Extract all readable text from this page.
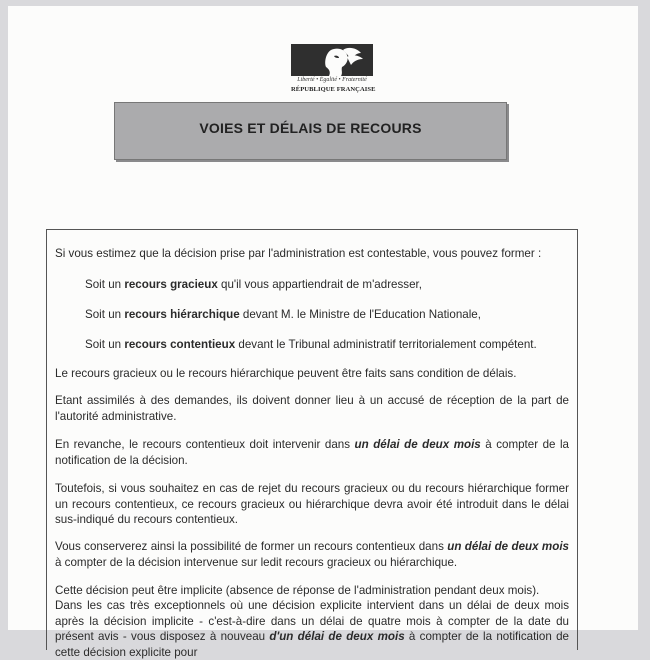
Liberté • Égalité • Fraternité
RÉPUBLIQUE FRANÇAISE
VOIES ET DÉLAIS DE RECOURS
Si vous estimez que la décision prise par l'administration est contestable, vous pouvez former :
Soit un recours gracieux qu'il vous appartiendrait de m'adresser,
Soit un recours hiérarchique devant M. le Ministre de l'Education Nationale,
Soit un recours contentieux devant le Tribunal administratif territorialement compétent.
Le recours gracieux ou le recours hiérarchique peuvent être faits sans condition de délais.
Etant assimilés à des demandes, ils doivent donner lieu à un accusé de réception de la part de l'autorité administrative.
En revanche, le recours contentieux doit intervenir dans un délai de deux mois à compter de la notification de la décision.
Toutefois, si vous souhaitez en cas de rejet du recours gracieux ou du recours hiérarchique former un recours contentieux, ce recours gracieux ou hiérarchique devra avoir été introduit dans le délai sus-indiqué du recours contentieux.
Vous conserverez ainsi la possibilité de former un recours contentieux dans un délai de deux mois à compter de la décision intervenue sur ledit recours gracieux ou hiérarchique.
Cette décision peut être implicite (absence de réponse de l'administration pendant deux mois).
Dans les cas très exceptionnels où une décision explicite intervient dans un délai de deux mois après la décision implicite - c'est-à-dire dans un délai de quatre mois à compter de la date du présent avis - vous disposez à nouveau d'un délai de deux mois à compter de la notification de cette décision explicite pour
